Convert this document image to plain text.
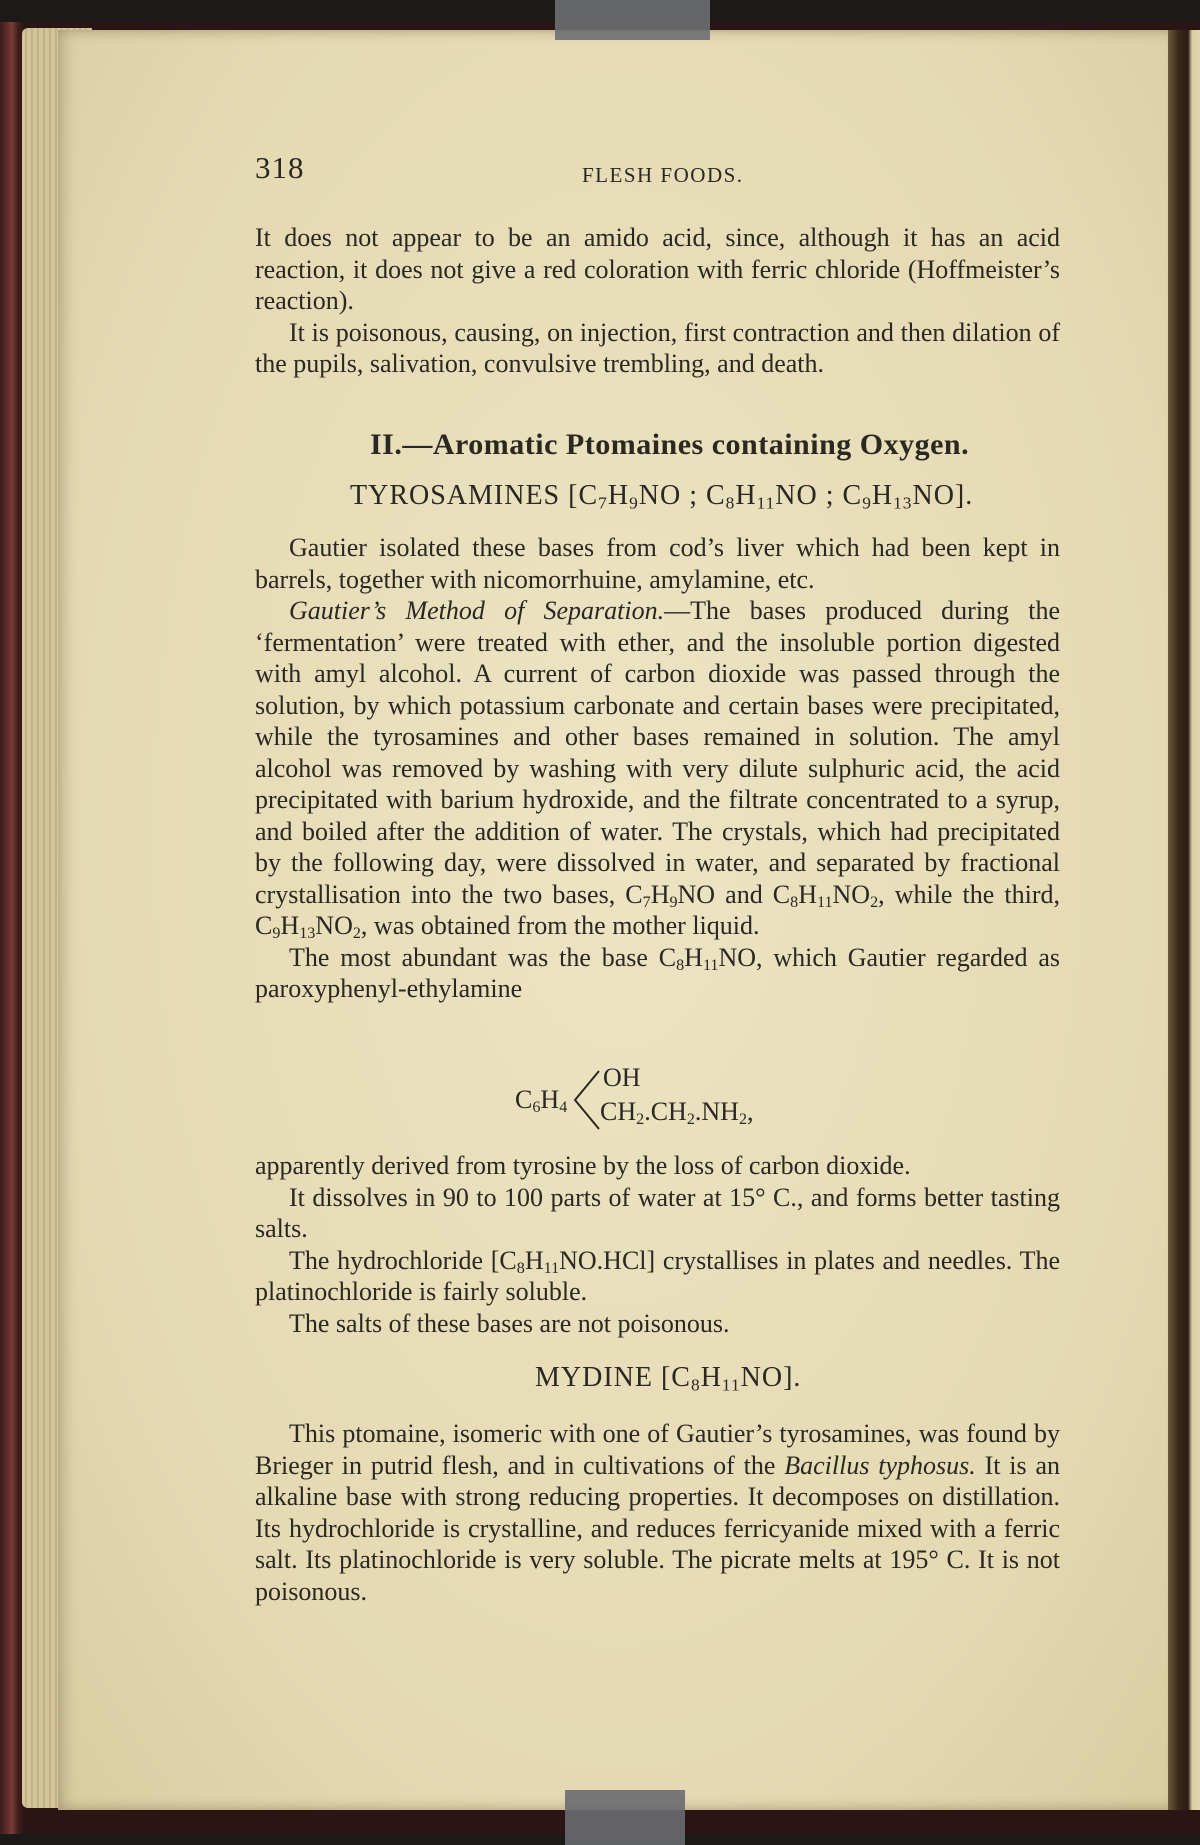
318	FLESH FOODS.

It does not appear to be an amido acid, since, although it has an acid reaction, it does not give a red coloration with ferric chloride (Hoffmeister’s reaction).

It is poisonous, causing, on injection, first contraction and then dilation of the pupils, salivation, convulsive trembling, and death.

II.—Aromatic Ptomaines containing Oxygen.
TYROSAMINES [$C_7H_9NO$ ; $C_8H_{11}NO$ ; $C_9H_{13}NO$].

Gautier isolated these bases from cod’s liver which had been kept in barrels, together with nicomorrhuine, amylamine, etc.

Gautier’s Method of Separation.—The bases produced during the ‘fermentation’ were treated with ether, and the insoluble portion digested with amyl alcohol. A current of carbon dioxide was passed through the solution, by which potassium carbonate and certain bases were precipitated, while the tyrosamines and other bases remained in solution. The amyl alcohol was removed by washing with very dilute sulphuric acid, the acid precipitated with barium hydroxide, and the filtrate concentrated to a syrup, and boiled after the addition of water. The crystals, which had precipitated by the following day, were dissolved in water, and separated by fractional crystallisation into the two bases, $C_7H_9NO$ and $C_8H_{11}NO_2$, while the third, $C_9H_{13}NO_2$, was obtained from the mother liquid.

The most abundant was the base $C_8H_{11}NO$, which Gautier regarded as paroxyphenyl-ethylamine

$C_6H_4$
OH
$CH_2.CH_2.NH_2$,

apparently derived from tyrosine by the loss of carbon dioxide.

It dissolves in 90 to 100 parts of water at 15° C., and forms better tasting salts.

The hydrochloride $[C_8H_{11}NO.HCl]$ crystallises in plates and needles. The platinochloride is fairly soluble.

The salts of these bases are not poisonous.

MYDINE $[C_8H_{11}NO]$.

This ptomaine, isomeric with one of Gautier’s tyrosamines, was found by Brieger in putrid flesh, and in cultivations of the Bacillus typhosus. It is an alkaline base with strong reducing properties. It decomposes on distillation. Its hydrochloride is crystalline, and reduces ferricyanide mixed with a ferric salt. Its platinochloride is very soluble. The picrate melts at 195° C. It is not poisonous.
